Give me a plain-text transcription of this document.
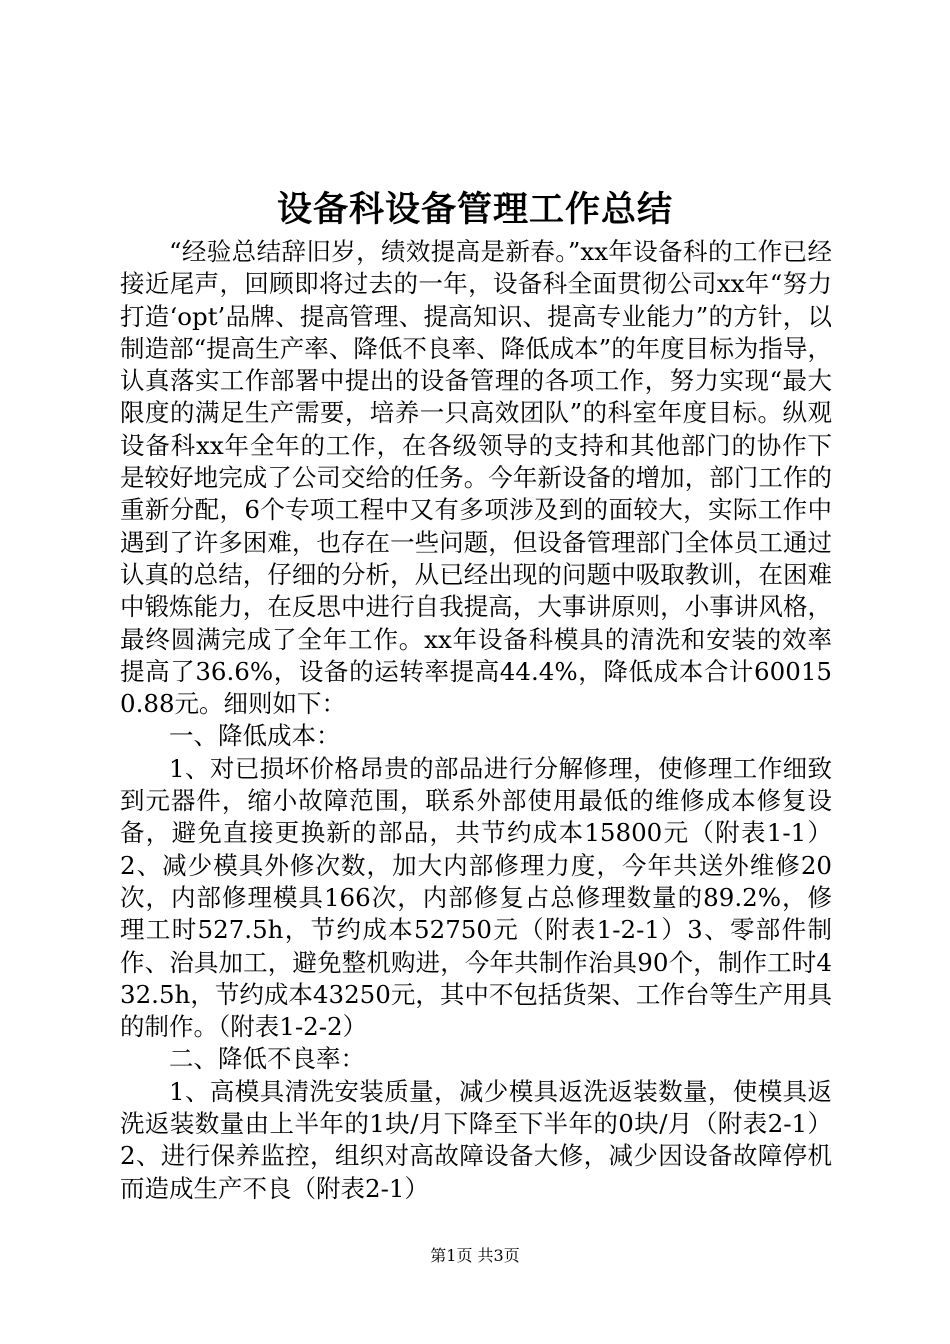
设备科设备管理工作总结

“经验总结辞旧岁，绩效提高是新春。”xx年设备科的工作已经接近尾声，回顾即将过去的一年，设备科全面贯彻公司xx年“努力打造‘opt’品牌、提高管理、提高知识、提高专业能力”的方针，以制造部“提高生产率、降低不良率、降低成本”的年度目标为指导，认真落实工作部署中提出的设备管理的各项工作，努力实现“最大限度的满足生产需要，培养一只高效团队”的科室年度目标。纵观设备科xx年全年的工作，在各级领导的支持和其他部门的协作下是较好地完成了公司交给的任务。今年新设备的增加，部门工作的重新分配，6个专项工程中又有多项涉及到的面较大，实际工作中遇到了许多困难，也存在一些问题，但设备管理部门全体员工通过认真的总结，仔细的分析，从已经出现的问题中吸取教训，在困难中锻炼能力，在反思中进行自我提高，大事讲原则，小事讲风格，最终圆满完成了全年工作。xx年设备科模具的清洗和安装的效率提高了36.6%，设备的运转率提高44.4%，降低成本合计600150.88元。细则如下：

一、降低成本：

1、对已损坏价格昂贵的部品进行分解修理，使修理工作细致到元器件，缩小故障范围，联系外部使用最低的维修成本修复设备，避免直接更换新的部品，共节约成本15800元（附表1-1）2、减少模具外修次数，加大内部修理力度，今年共送外维修20次，内部修理模具166次，内部修复占总修理数量的89.2%，修理工时527.5h，节约成本52750元（附表1-2-1）3、零部件制作、治具加工，避免整机购进，今年共制作治具90个，制作工时432.5h，节约成本43250元，其中不包括货架、工作台等生产用具的制作。（附表1-2-2）

二、降低不良率：

1、高模具清洗安装质量，减少模具返洗返装数量，使模具返洗返装数量由上半年的1块/月下降至下半年的0块/月（附表2-1）2、进行保养监控，组织对高故障设备大修，减少因设备故障停机而造成生产不良（附表2-1）

第1页 共3页
